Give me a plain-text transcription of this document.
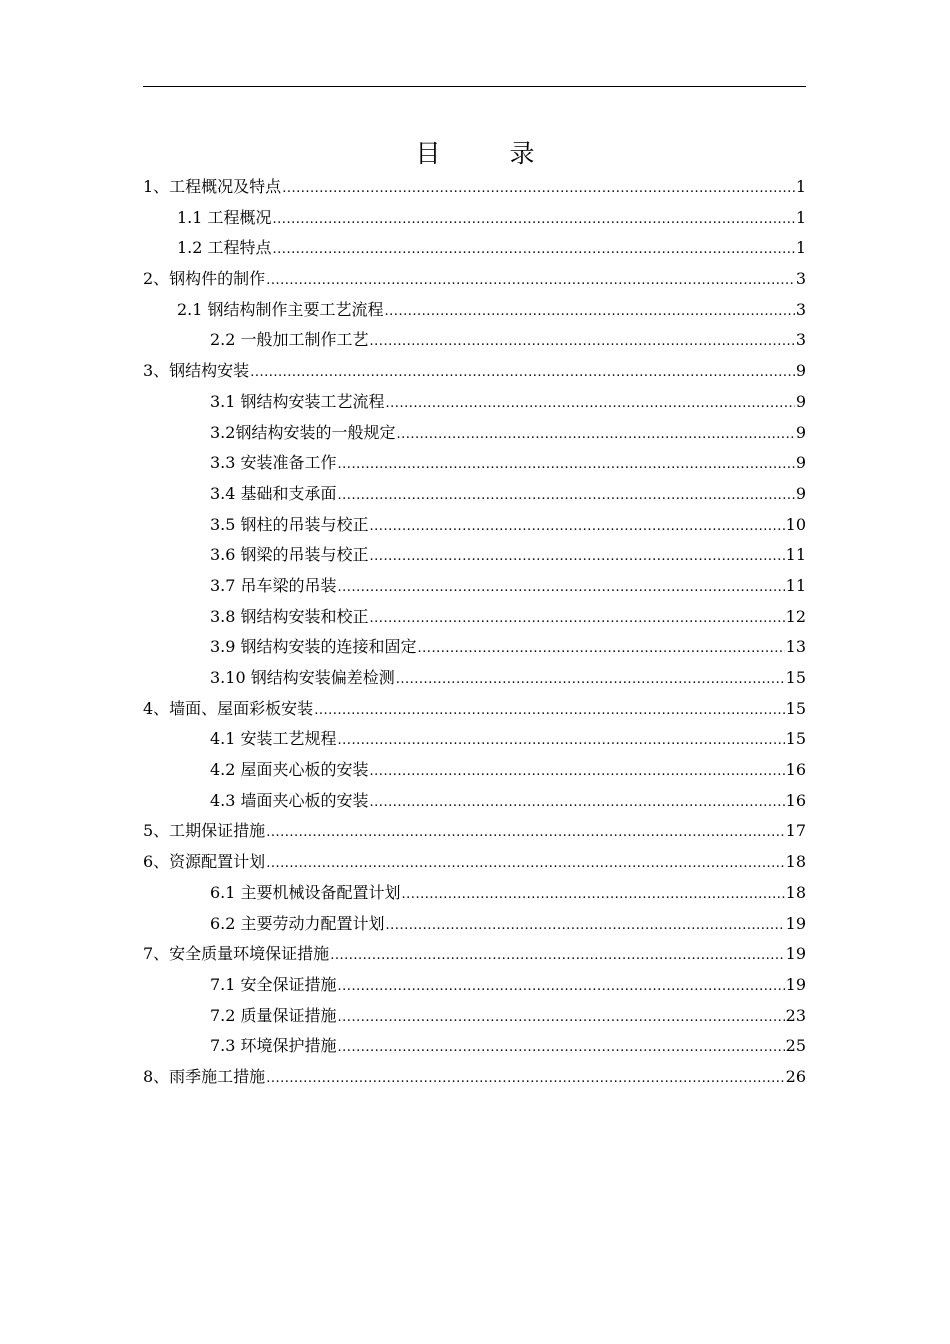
目　录
1、工程概况及特点 .....	1
1.1 工程概况 .....	1
1.2 工程特点 .....	1
2、钢构件的制作 .....	3
2.1 钢结构制作主要工艺流程 .....	3
2.2 一般加工制作工艺 .....	3
3、钢结构安装 .....	9
3.1 钢结构安装工艺流程 .....	9
3.2钢结构安装的一般规定 .....	9
3.3 安装准备工作 .....	9
3.4 基础和支承面 .....	9
3.5 钢柱的吊装与校正 .....	10
3.6 钢梁的吊装与校正 .....	11
3.7 吊车梁的吊装 .....	11
3.8 钢结构安装和校正 .....	12
3.9 钢结构安装的连接和固定 .....	13
3.10 钢结构安装偏差检测 .....	15
4、墙面、屋面彩板安装 .....	15
4.1 安装工艺规程 .....	15
4.2 屋面夹心板的安装 .....	16
4.3 墙面夹心板的安装 .....	16
5、工期保证措施 .....	17
6、资源配置计划 .....	18
6.1 主要机械设备配置计划 .....	18
6.2 主要劳动力配置计划 .....	19
7、安全质量环境保证措施 .....	19
7.1 安全保证措施 .....	19
7.2 质量保证措施 .....	23
7.3 环境保护措施 .....	25
8、雨季施工措施 .....	26
